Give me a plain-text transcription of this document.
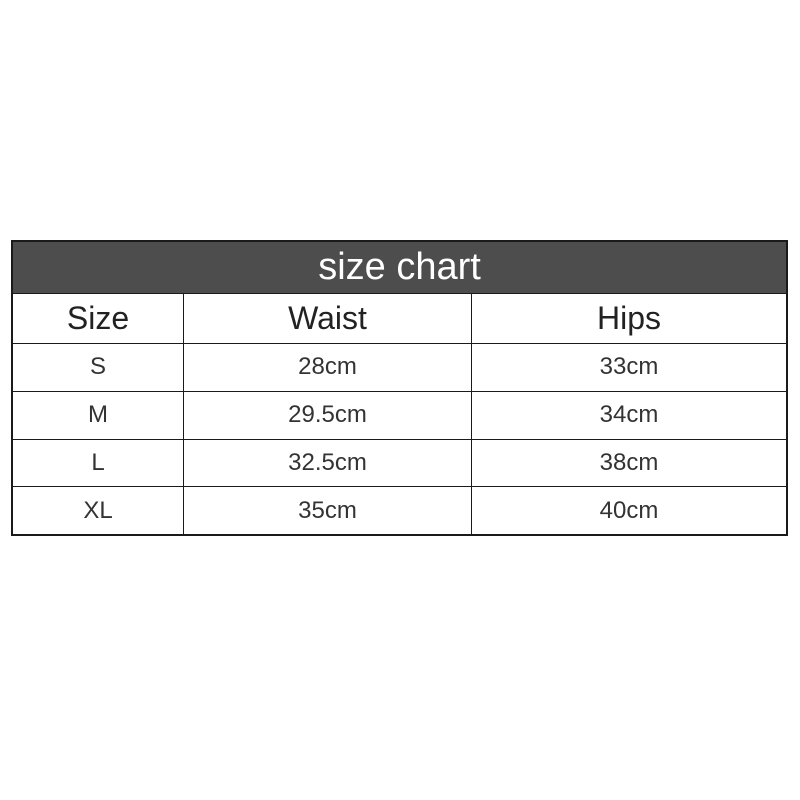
size chart
Size	Waist	Hips
S	28cm	33cm
M	29.5cm	34cm
L	32.5cm	38cm
XL	35cm	40cm
